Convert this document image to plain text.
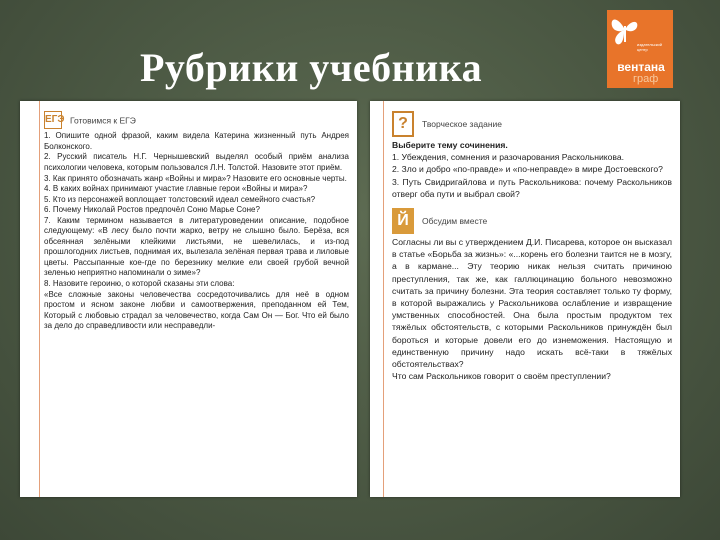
Рубрики учебника
издательский центр
вентана
граф
ЕГЭ Готовимся к ЕГЭ

1. Опишите одной фразой, каким видела Катерина жизненный путь Андрея Болконского.

2. Русский писатель Н.Г. Чернышевский выделял особый приём анализа психологии человека, которым пользовался Л.Н. Толстой. Назовите этот приём.

3. Как принято обозначать жанр «Войны и мира»? Назовите его основные черты.

4. В каких войнах принимают участие главные герои «Войны и мира»?

5. Кто из персонажей воплощает толстовский идеал семейного счастья?

6. Почему Николай Ростов предпочёл Соню Марье Соне?

7. Каким термином называется в литературоведении описание, подобное следующему: «В лесу было почти жарко, ветру не слышно было. Берёза, вся обсеянная зелёными клейкими листьями, не шевелилась, и из-под прошлогодних листьев, поднимая их, вылезала зелёная первая трава и лиловые цветы. Рассыпанные кое-где по березнику мелкие ели своей грубой вечной зеленью неприятно напоминали о зиме»?

8. Назовите героиню, о которой сказаны эти слова:

«Все сложные законы человечества сосредоточивались для неё в одном простом и ясном законе любви и самоотвержения, преподанном ей Тем, Который с любовью страдал за человечество, когда Сам Он — Бог. Что ей было за дело до справедливости или несправедли-

? Творческое задание

Выберите тему сочинения.

1. Убеждения, сомнения и разочарования Раскольникова.

2. Зло и добро «по-правде» и «по-неправде» в мире Достоевского?

3. Путь Свидригайлова и путь Раскольникова: почему Раскольников отверг оба пути и выбрал свой?

Й Обсудим вместе

Согласны ли вы с утверждением Д.И. Писарева, которое он высказал в статье «Борьба за жизнь»: «...корень его болезни таится не в мозгу, а в кармане... Эту теорию никак нельзя считать причиною преступления, так же, как галлюцинацию больного невозможно считать за причину болезни. Эта теория составляет только ту форму, в которой выражались у Раскольникова ослабление и извращение умственных способностей. Она была простым продуктом тех тяжёлых обстоятельств, с которыми Раскольников принуждён был бороться и которые довели его до изнеможения. Настоящую и единственную причину надо искать всё-таки в тяжёлых обстоятельствах?

Что сам Раскольников говорит о своём преступлении?
